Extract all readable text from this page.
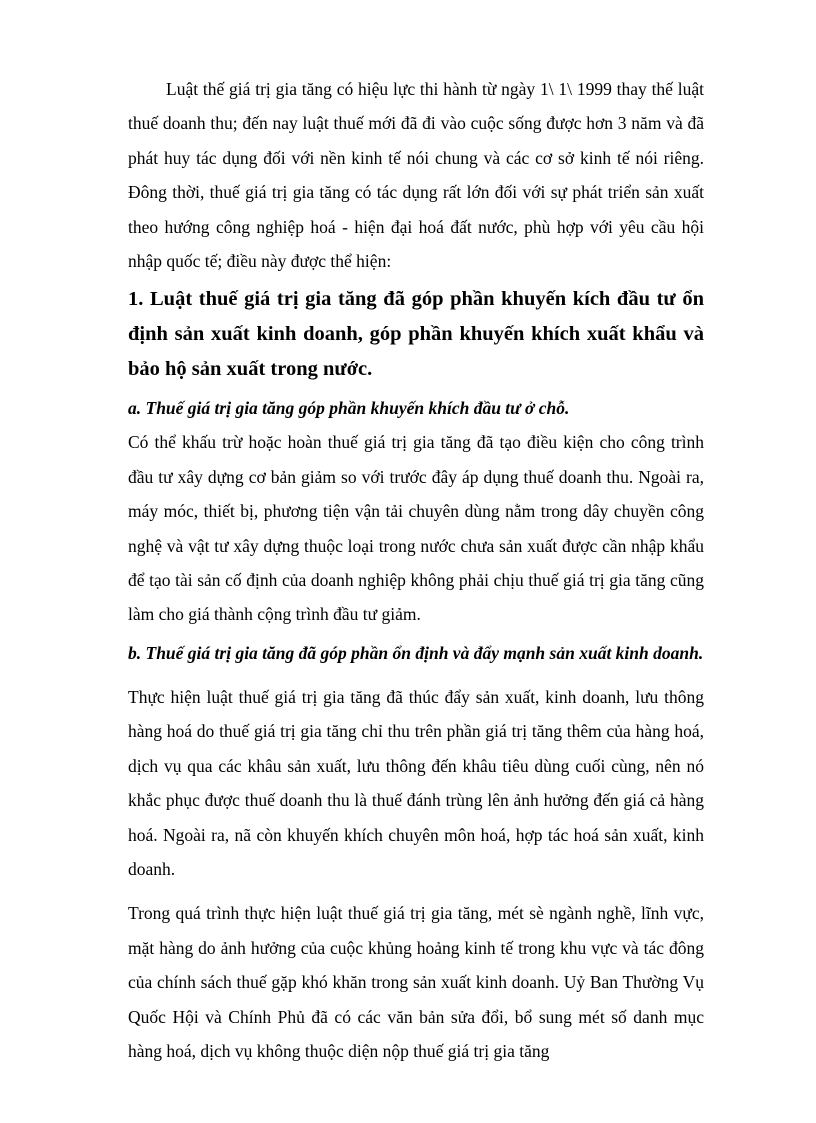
Luật thế giá trị gia tăng có hiệu lực thi hành từ ngày 1\ 1\ 1999 thay thế luật thuế doanh thu; đến nay luật thuế mới đã đi vào cuộc sống được hơn 3 năm và đã phát huy tác dụng đối với nền kinh tế nói chung và các cơ sở kinh tế nói riêng. Đông thời, thuế giá trị gia tăng có tác dụng rất lớn đối với sự phát triển sản xuất theo hướng công nghiệp hoá - hiện đại hoá đất nước, phù hợp với yêu cầu hội nhập quốc tế; điều này được thể hiện:

1. Luật thuế giá trị gia tăng đã góp phần khuyến kích đầu tư ổn định sản xuất kinh doanh, góp phần khuyến khích xuất khẩu và bảo hộ sản xuất trong nước.

a. Thuế giá trị gia tăng góp phần khuyến khích đầu tư ở chỗ.

Có thể khấu trừ hoặc hoàn thuế giá trị gia tăng đã tạo điều kiện cho công trình đầu tư xây dựng cơ bản giảm so với trước đây áp dụng thuế doanh thu. Ngoài ra, máy móc, thiết bị, phương tiện vận tải chuyên dùng nằm trong dây chuyền công nghệ và vật tư xây dựng thuộc loại trong nước chưa sản xuất được cần nhập khẩu để tạo tài sản cố định của doanh nghiệp không phải chịu thuế giá trị gia tăng cũng làm cho giá thành cộng trình đầu tư giảm.

b. Thuế giá trị gia tăng đã góp phần ổn định và đẩy mạnh sản xuất kinh doanh.

Thực hiện luật thuế giá trị gia tăng đã thúc đẩy sản xuất, kinh doanh, lưu thông hàng hoá do thuế giá trị gia tăng chỉ thu trên phần giá trị tăng thêm của hàng hoá, dịch vụ qua các khâu sản xuất, lưu thông đến khâu tiêu dùng cuối cùng, nên nó khắc phục được thuế doanh thu là thuế đánh trùng lên ảnh hưởng đến giá cả hàng hoá. Ngoài ra, nã còn khuyến khích chuyên môn hoá, hợp tác hoá sản xuất, kinh doanh.

Trong quá trình thực hiện luật thuế giá trị gia tăng, mét sè ngành nghề, lĩnh vực, mặt hàng do ảnh hưởng của cuộc khủng hoảng kinh tế trong khu vực và tác đông của chính sách thuế gặp khó khăn trong sản xuất kinh doanh. Uỷ Ban Thường Vụ Quốc Hội và Chính Phủ đã có các văn bản sửa đổi, bổ sung mét số danh mục hàng hoá, dịch vụ không thuộc diện nộp thuế giá trị gia tăng
